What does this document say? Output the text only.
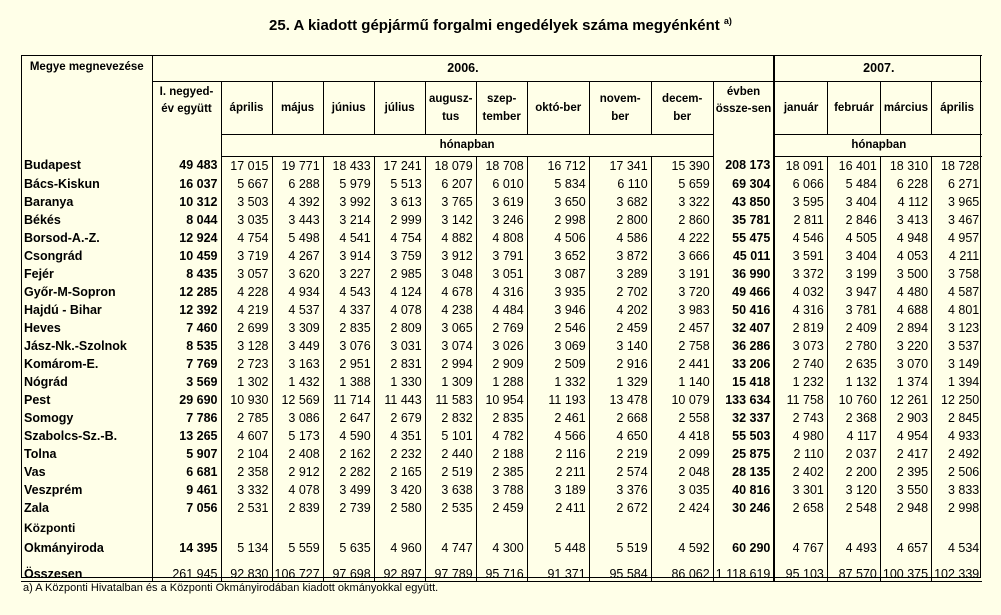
25. A kiadott gépjármű forgalmi engedélyek száma megyénként $^{a)}$
Megye megnevezése	2006.											2007.			
	I. negyed-év együtt	április	május	június	július	augusz-tus	szep-tember	októ-ber	novem-ber	decem-ber	évben össze-sen	január	február	március	április
		hónapban										hónapban			
Budapest	49 483	17 015	19 771	18 433	17 241	18 079	18 708	16 712	17 341	15 390	208 173	18 091	16 401	18 310	18 728
Bács-Kiskun	16 037	5 667	6 288	5 979	5 513	6 207	6 010	5 834	6 110	5 659	69 304	6 066	5 484	6 228	6 271
Baranya	10 312	3 503	4 392	3 992	3 613	3 765	3 619	3 650	3 682	3 322	43 850	3 595	3 404	4 112	3 965
Békés	8 044	3 035	3 443	3 214	2 999	3 142	3 246	2 998	2 800	2 860	35 781	2 811	2 846	3 413	3 467
Borsod-A.-Z.	12 924	4 754	5 498	4 541	4 754	4 882	4 808	4 506	4 586	4 222	55 475	4 546	4 505	4 948	4 957
Csongrád	10 459	3 719	4 267	3 914	3 759	3 912	3 791	3 652	3 872	3 666	45 011	3 591	3 404	4 053	4 211
Fejér	8 435	3 057	3 620	3 227	2 985	3 048	3 051	3 087	3 289	3 191	36 990	3 372	3 199	3 500	3 758
Győr-M-Sopron	12 285	4 228	4 934	4 543	4 124	4 678	4 316	3 935	2 702	3 720	49 466	4 032	3 947	4 480	4 587
Hajdú - Bihar	12 392	4 219	4 537	4 337	4 078	4 238	4 484	3 946	4 202	3 983	50 416	4 316	3 781	4 688	4 801
Heves	7 460	2 699	3 309	2 835	2 809	3 065	2 769	2 546	2 459	2 457	32 407	2 819	2 409	2 894	3 123
Jász-Nk.-Szolnok	8 535	3 128	3 449	3 076	3 031	3 074	3 026	3 069	3 140	2 758	36 286	3 073	2 780	3 220	3 537
Komárom-E.	7 769	2 723	3 163	2 951	2 831	2 994	2 909	2 509	2 916	2 441	33 206	2 740	2 635	3 070	3 149
Nógrád	3 569	1 302	1 432	1 388	1 330	1 309	1 288	1 332	1 329	1 140	15 418	1 232	1 132	1 374	1 394
Pest	29 690	10 930	12 569	11 714	11 443	11 583	10 954	11 193	13 478	10 079	133 634	11 758	10 760	12 261	12 250
Somogy	7 786	2 785	3 086	2 647	2 679	2 832	2 835	2 461	2 668	2 558	32 337	2 743	2 368	2 903	2 845
Szabolcs-Sz.-B.	13 265	4 607	5 173	4 590	4 351	5 101	4 782	4 566	4 650	4 418	55 503	4 980	4 117	4 954	4 933
Tolna	5 907	2 104	2 408	2 162	2 232	2 440	2 188	2 116	2 219	2 099	25 875	2 110	2 037	2 417	2 492
Vas	6 681	2 358	2 912	2 282	2 165	2 519	2 385	2 211	2 574	2 048	28 135	2 402	2 200	2 395	2 506
Veszprém	9 461	3 332	4 078	3 499	3 420	3 638	3 788	3 189	3 376	3 035	40 816	3 301	3 120	3 550	3 833
Zala	7 056	2 531	2 839	2 739	2 580	2 535	2 459	2 411	2 672	2 424	30 246	2 658	2 548	2 948	2 998
Központi															
Okmányiroda	14 395	5 134	5 559	5 635	4 960	4 747	4 300	5 448	5 519	4 592	60 290	4 767	4 493	4 657	4 534

Összesen	261 945	92 830	106 727	97 698	92 897	97 789	95 716	91 371	95 584	86 062	1 118 619	95 103	87 570	100 375	102 339
a) A Központi Hivatalban és a Központi Okmányirodában kiadott okmányokkal együtt.
